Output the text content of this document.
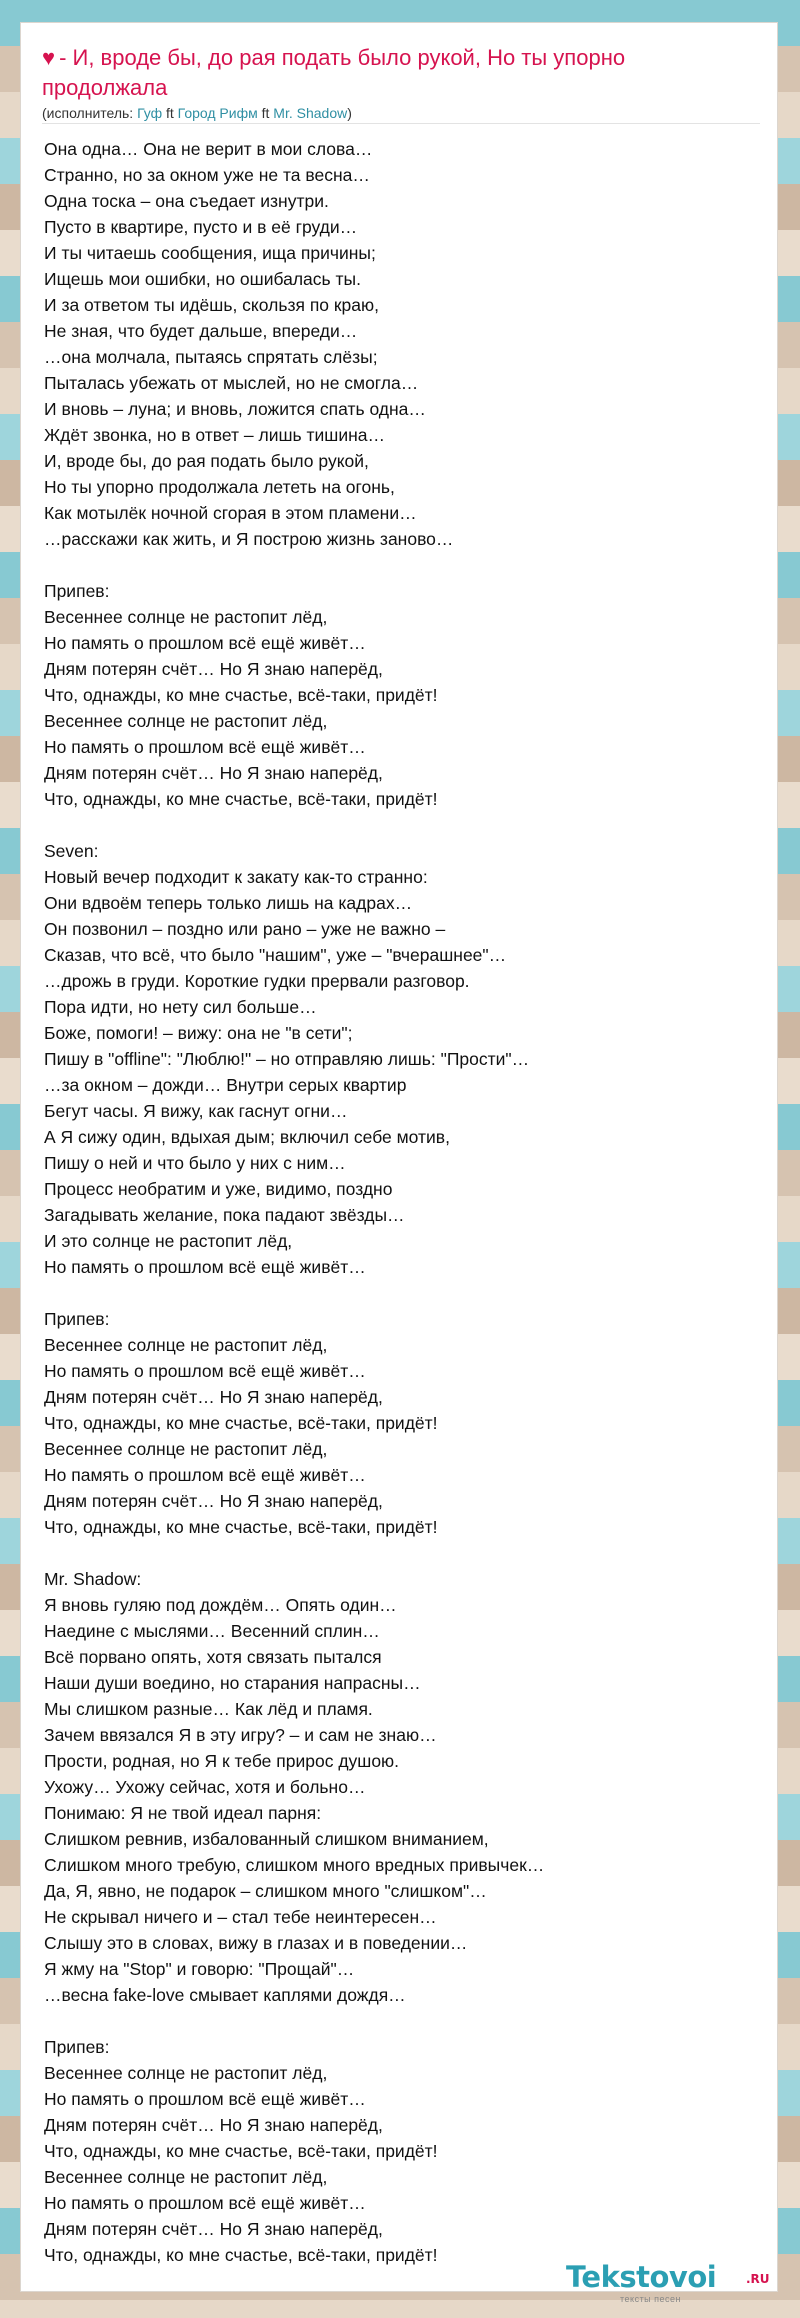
♥ - И, вроде бы, до рая подать было рукой, Но ты упорно продолжала
(исполнитель: Гуф ft Город Рифм ft Mr. Shadow)
Она одна… Она не верит в мои слова…
Странно, но за окном уже не та весна…
Одна тоска – она съедает изнутри.
Пусто в квартире, пусто и в её груди…
И ты читаешь сообщения, ища причины;
Ищешь мои ошибки, но ошибалась ты.
И за ответом ты идёшь, скользя по краю,
Не зная, что будет дальше, впереди…
…она молчала, пытаясь спрятать слёзы;
Пыталась убежать от мыслей, но не смогла…
И вновь – луна; и вновь, ложится спать одна…
Ждёт звонка, но в ответ – лишь тишина…
И, вроде бы, до рая подать было рукой,
Но ты упорно продолжала лететь на огонь,
Как мотылёк ночной сгорая в этом пламени…
…расскажи как жить, и Я построю жизнь заново…
Припев:
Весеннее солнце не растопит лёд,
Но память о прошлом всё ещё живёт…
Дням потерян счёт… Но Я знаю наперёд,
Что, однажды, ко мне счастье, всё-таки, придёт!
Весеннее солнце не растопит лёд,
Но память о прошлом всё ещё живёт…
Дням потерян счёт… Но Я знаю наперёд,
Что, однажды, ко мне счастье, всё-таки, придёт!
Seven:
Новый вечер подходит к закату как-то странно:
Они вдвоём теперь только лишь на кадрах…
Он позвонил – поздно или рано – уже не важно –
Сказав, что всё, что было "нашим", уже – "вчерашнее"…
…дрожь в груди. Короткие гудки прервали разговор.
Пора идти, но нету сил больше…
Боже, помоги! – вижу: она не "в сети";
Пишу в "offline": "Люблю!" – но отправляю лишь: "Прости"…
…за окном – дожди… Внутри серых квартир
Бегут часы. Я вижу, как гаснут огни…
А Я сижу один, вдыхая дым; включил себе мотив,
Пишу о ней и что было у них с ним…
Процесс необратим и уже, видимо, поздно
Загадывать желание, пока падают звёзды…
И это солнце не растопит лёд,
Но память о прошлом всё ещё живёт…
Припев:
Весеннее солнце не растопит лёд,
Но память о прошлом всё ещё живёт…
Дням потерян счёт… Но Я знаю наперёд,
Что, однажды, ко мне счастье, всё-таки, придёт!
Весеннее солнце не растопит лёд,
Но память о прошлом всё ещё живёт…
Дням потерян счёт… Но Я знаю наперёд,
Что, однажды, ко мне счастье, всё-таки, придёт!
Mr. Shadow:
Я вновь гуляю под дождём… Опять один…
Наедине с мыслями… Весенний сплин…
Всё порвано опять, хотя связать пытался
Наши души воедино, но старания напрасны…
Мы слишком разные… Как лёд и пламя.
Зачем ввязался Я в эту игру? – и сам не знаю…
Прости, родная, но Я к тебе прирос душою.
Ухожу… Ухожу сейчас, хотя и больно…
Понимаю: Я не твой идеал парня:
Слишком ревнив, избалованный слишком вниманием,
Слишком много требую, слишком много вредных привычек…
Да, Я, явно, не подарок – слишком много "слишком"…
Не скрывал ничего и – стал тебе неинтересен…
Слышу это в словах, вижу в глазах и в поведении…
Я жму на "Stop" и говорю: "Прощай"…
…весна fake-love смывает каплями дождя…
Припев:
Весеннее солнце не растопит лёд,
Но память о прошлом всё ещё живёт…
Дням потерян счёт… Но Я знаю наперёд,
Что, однажды, ко мне счастье, всё-таки, придёт!
Весеннее солнце не растопит лёд,
Но память о прошлом всё ещё живёт…
Дням потерян счёт… Но Я знаю наперёд,
Что, однажды, ко мне счастье, всё-таки, придёт!
Tekstovoi .RU
тексты песен
